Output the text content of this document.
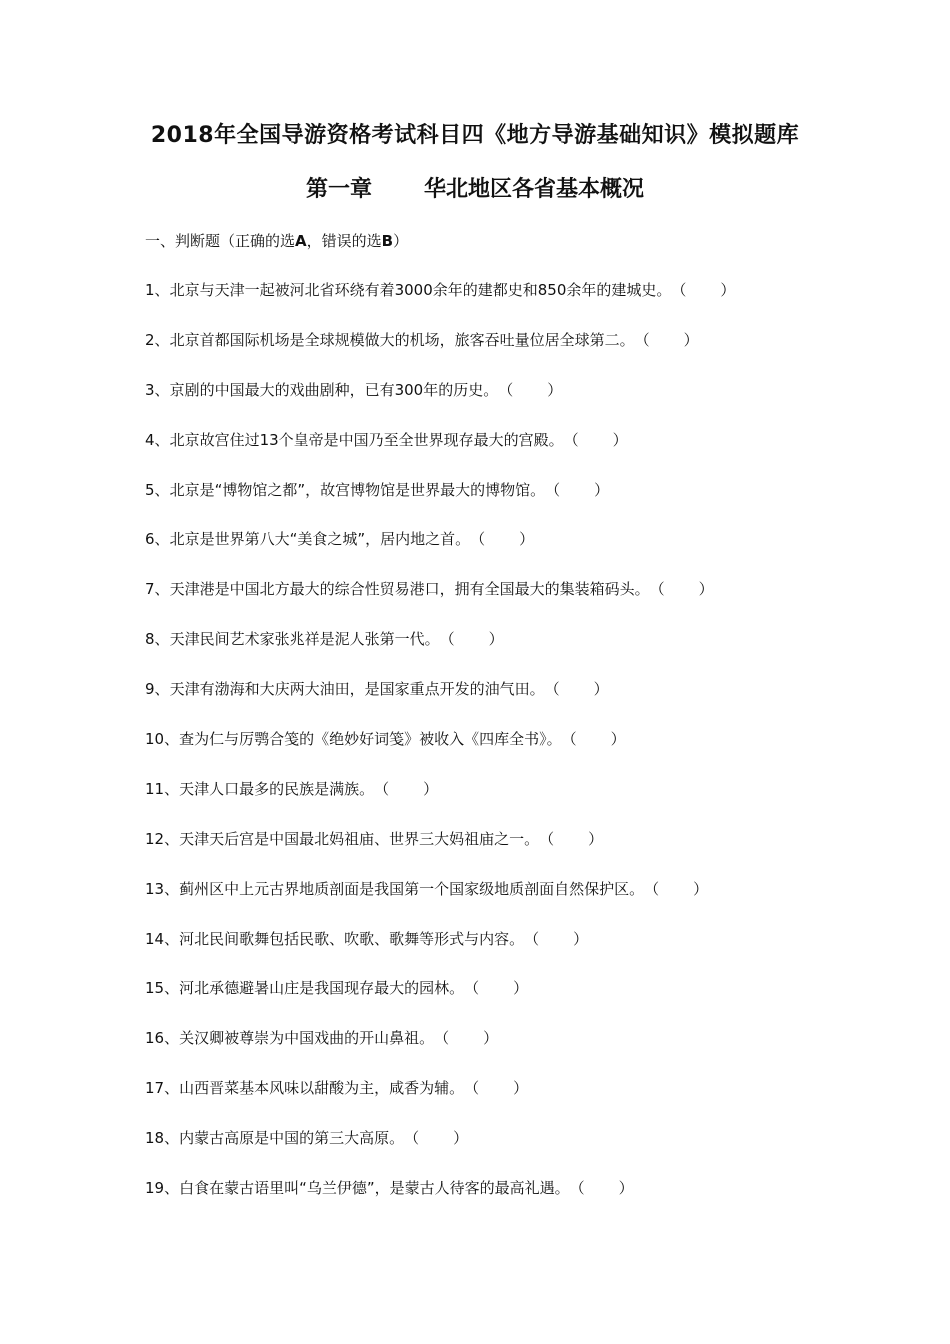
2018年全国导游资格考试科目四《地方导游基础知识》模拟题库
第一章 华北地区各省基本概况
一、判断题（正确的选A，错误的选B）
1、北京与天津一起被河北省环绕有着3000余年的建都史和850余年的建城史。（ ）
2、北京首都国际机场是全球规模做大的机场，旅客吞吐量位居全球第二。（ ）
3、京剧的中国最大的戏曲剧种，已有300年的历史。（ ）
4、北京故宫住过13个皇帝是中国乃至全世界现存最大的宫殿。（ ）
5、北京是“博物馆之都”，故宫博物馆是世界最大的博物馆。（ ）
6、北京是世界第八大“美食之城”，居内地之首。（ ）
7、天津港是中国北方最大的综合性贸易港口，拥有全国最大的集装箱码头。（ ）
8、天津民间艺术家张兆祥是泥人张第一代。（ ）
9、天津有渤海和大庆两大油田，是国家重点开发的油气田。（ ）
10、查为仁与厉鹗合笺的《绝妙好词笺》被收入《四库全书》。（ ）
11、天津人口最多的民族是满族。（ ）
12、天津天后宫是中国最北妈祖庙、世界三大妈祖庙之一。（ ）
13、蓟州区中上元古界地质剖面是我国第一个国家级地质剖面自然保护区。（ ）
14、河北民间歌舞包括民歌、吹歌、歌舞等形式与内容。（ ）
15、河北承德避暑山庄是我国现存最大的园林。（ ）
16、关汉卿被尊崇为中国戏曲的开山鼻祖。（ ）
17、山西晋菜基本风味以甜酸为主，咸香为辅。（ ）
18、内蒙古高原是中国的第三大高原。（ ）
19、白食在蒙古语里叫“乌兰伊德”，是蒙古人待客的最高礼遇。（ ）
